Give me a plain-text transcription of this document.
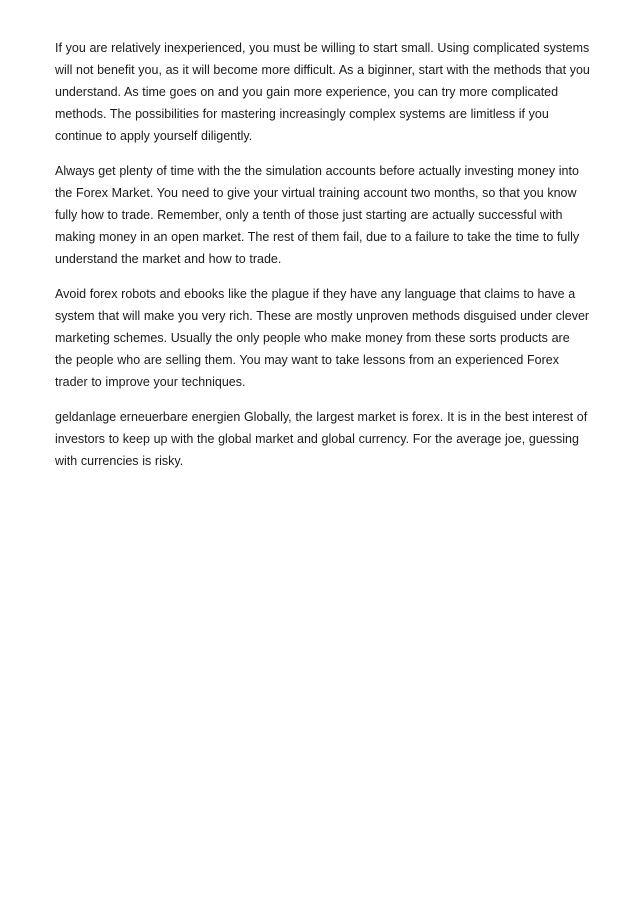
If you are relatively inexperienced, you must be willing to start small. Using complicated systems will not benefit you, as it will become more difficult. As a biginner, start with the methods that you understand. As time goes on and you gain more experience, you can try more complicated methods. The possibilities for mastering increasingly complex systems are limitless if you continue to apply yourself diligently.

Always get plenty of time with the the simulation accounts before actually investing money into the Forex Market. You need to give your virtual training account two months, so that you know fully how to trade. Remember, only a tenth of those just starting are actually successful with making money in an open market. The rest of them fail, due to a failure to take the time to fully understand the market and how to trade.

Avoid forex robots and ebooks like the plague if they have any language that claims to have a system that will make you very rich. These are mostly unproven methods disguised under clever marketing schemes. Usually the only people who make money from these sorts products are the people who are selling them. You may want to take lessons from an experienced Forex trader to improve your techniques.

geldanlage erneuerbare energien Globally, the largest market is forex. It is in the best interest of investors to keep up with the global market and global currency. For the average joe, guessing with currencies is risky.
